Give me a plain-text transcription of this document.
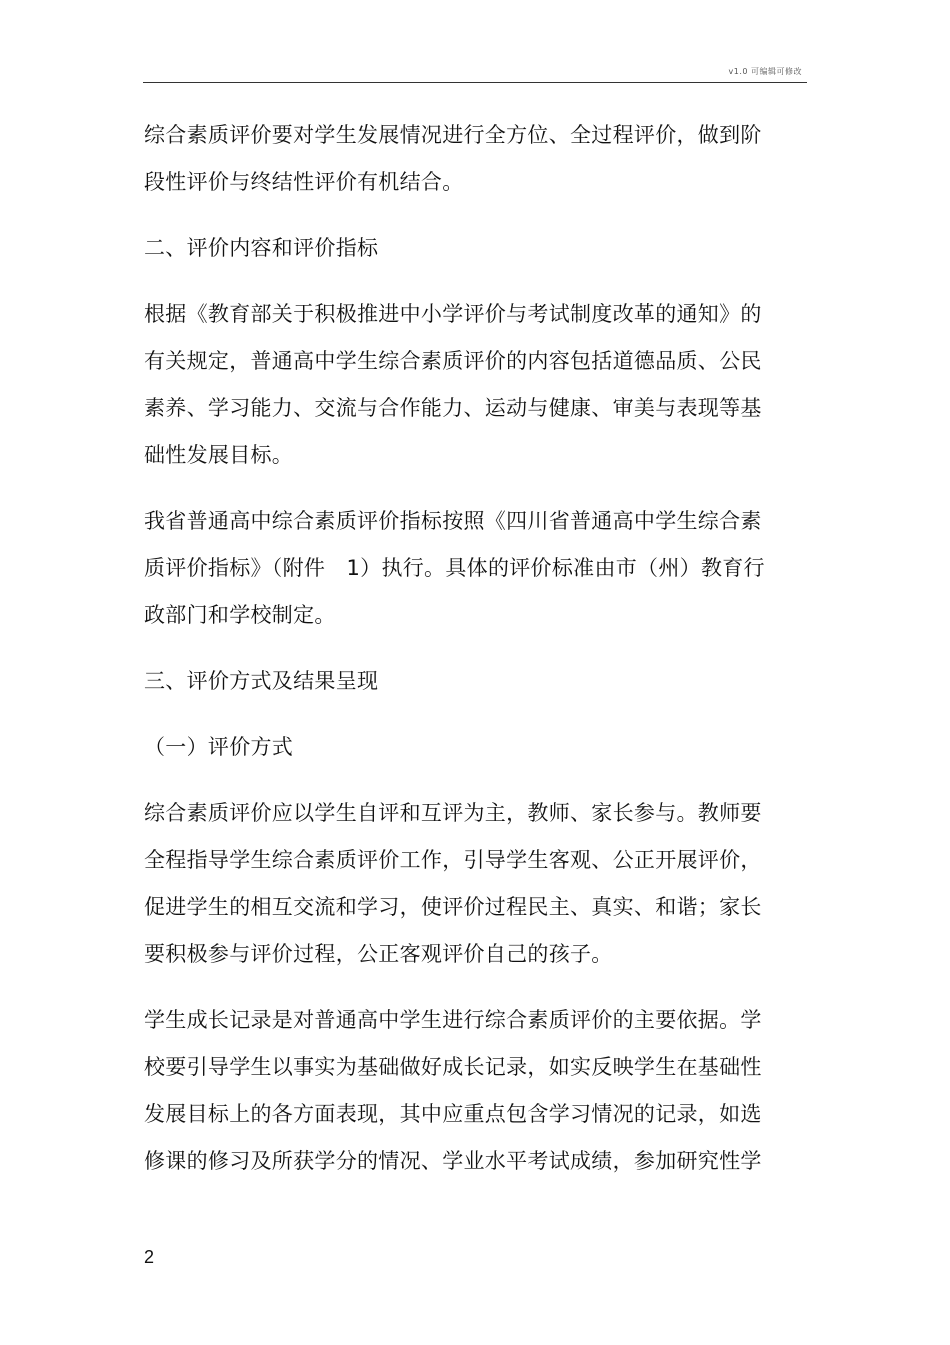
v1.0 可编辑可修改
综合素质评价要对学生发展情况进行全方位、全过程评价，做到阶
段性评价与终结性评价有机结合。
二、评价内容和评价指标
根据《教育部关于积极推进中小学评价与考试制度改革的通知》的
有关规定，普通高中学生综合素质评价的内容包括道德品质、公民
素养、学习能力、交流与合作能力、运动与健康、审美与表现等基
础性发展目标。
我省普通高中综合素质评价指标按照《四川省普通高中学生综合素
质评价指标》（附件　1）执行。具体的评价标准由市（州）教育行
政部门和学校制定。
三、评价方式及结果呈现
（一）评价方式
综合素质评价应以学生自评和互评为主，教师、家长参与。教师要
全程指导学生综合素质评价工作，引导学生客观、公正开展评价，
促进学生的相互交流和学习，使评价过程民主、真实、和谐；家长
要积极参与评价过程，公正客观评价自己的孩子。
学生成长记录是对普通高中学生进行综合素质评价的主要依据。学
校要引导学生以事实为基础做好成长记录，如实反映学生在基础性
发展目标上的各方面表现，其中应重点包含学习情况的记录，如选
修课的修习及所获学分的情况、学业水平考试成绩，参加研究性学
2
